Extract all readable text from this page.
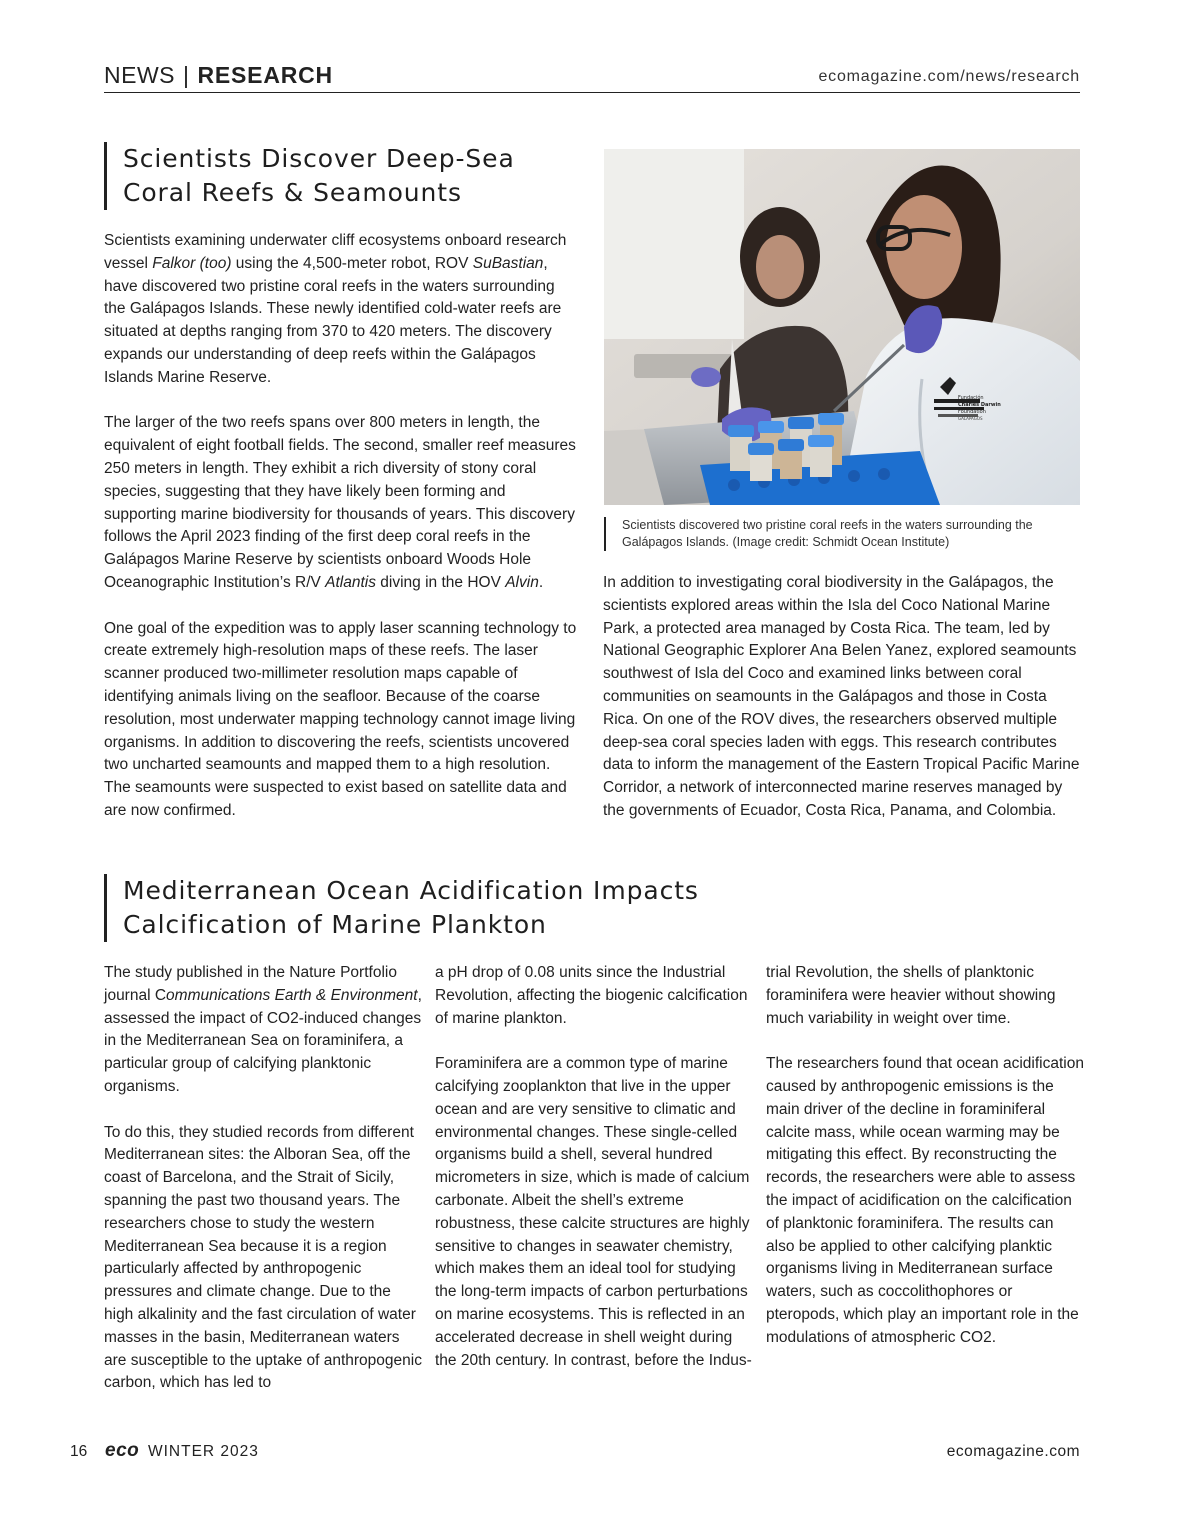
NEWS | RESEARCH	ecomagazine.com/news/research
Scientists Discover Deep-Sea
Coral Reefs & Seamounts

Scientists examining underwater cliff ecosystems onboard research vessel Falkor (too) using the 4,500-meter robot, ROV SuBastian, have discovered two pristine coral reefs in the waters surrounding the Galápagos Islands. These newly identified cold-water reefs are situated at depths ranging from 370 to 420 meters. The discovery expands our understanding of deep reefs within the Galápagos Islands Marine Reserve.

The larger of the two reefs spans over 800 meters in length, the equivalent of eight football fields. The second, smaller reef measures 250 meters in length. They exhibit a rich diversity of stony coral species, suggesting that they have likely been forming and supporting marine biodiversity for thousands of years. This discovery follows the April 2023 finding of the first deep coral reefs in the Galápagos Marine Reserve by scientists onboard Woods Hole Oceanographic Institution’s R/V Atlantis diving in the HOV Alvin.

One goal of the expedition was to apply laser scanning technology to create extremely high-resolution maps of these reefs. The laser scanner produced two-millimeter resolution maps capable of identifying animals living on the seafloor. Because of the coarse resolution, most underwater mapping technology cannot image living organisms. In addition to discovering the reefs, scientists uncovered two uncharted seamounts and mapped them to a high resolution. The seamounts were suspected to exist based on satellite data and are now confirmed.

Fundación
Charles Darwin
Foundation
GALAPAGOS
Scientists discovered two pristine coral reefs in the waters surrounding the Galápagos Islands. (Image credit: Schmidt Ocean Institute)

In addition to investigating coral biodiversity in the Galápagos, the scientists explored areas within the Isla del Coco National Marine Park, a protected area managed by Costa Rica. The team, led by National Geographic Explorer Ana Belen Yanez, explored seamounts southwest of Isla del Coco and examined links between coral communities on seamounts in the Galápagos and those in Costa Rica. On one of the ROV dives, the researchers observed multiple deep-sea coral species laden with eggs. This research contributes data to inform the management of the Eastern Tropical Pacific Marine Corridor, a network of interconnected marine reserves managed by the governments of Ecuador, Costa Rica, Panama, and Colombia.

Mediterranean Ocean Acidification Impacts
Calcification of Marine Plankton

The study published in the Nature Portfolio journal Communications Earth & Environment, assessed the impact of CO2-induced changes in the Mediterranean Sea on foraminifera, a particular group of calcifying planktonic organisms.

To do this, they studied records from different Mediterranean sites: the Alboran Sea, off the coast of Barcelona, and the Strait of Sicily, spanning the past two thousand years. The researchers chose to study the western Mediterranean Sea because it is a region particularly affected by anthropogenic pressures and climate change. Due to the high alkalinity and the fast circulation of water masses in the basin, Mediterranean waters are susceptible to the uptake of anthropogenic carbon, which has led to

a pH drop of 0.08 units since the Industrial Revolution, affecting the biogenic calcification of marine plankton.

Foraminifera are a common type of marine calcifying zooplankton that live in the upper ocean and are very sensitive to climatic and environmental changes. These single-celled organisms build a shell, several hundred micrometers in size, which is made of calcium carbonate. Albeit the shell’s extreme robustness, these calcite structures are highly sensitive to changes in seawater chemistry, which makes them an ideal tool for studying the long-term impacts of carbon perturbations on marine ecosystems. This is reflected in an accelerated decrease in shell weight during the 20th century. In contrast, before the Indus-

trial Revolution, the shells of planktonic foraminifera were heavier without showing much variability in weight over time.

The researchers found that ocean acidification caused by anthropogenic emissions is the main driver of the decline in foraminiferal calcite mass, while ocean warming may be mitigating this effect. By reconstructing the records, the researchers were able to assess the impact of acidification on the calcification of planktonic foraminifera. The results can also be applied to other calcifying planktic organisms living in Mediterranean surface waters, such as coccolithophores or pteropods, which play an important role in the modulations of atmospheric CO2.

16 eco WINTER 2023	ecomagazine.com
